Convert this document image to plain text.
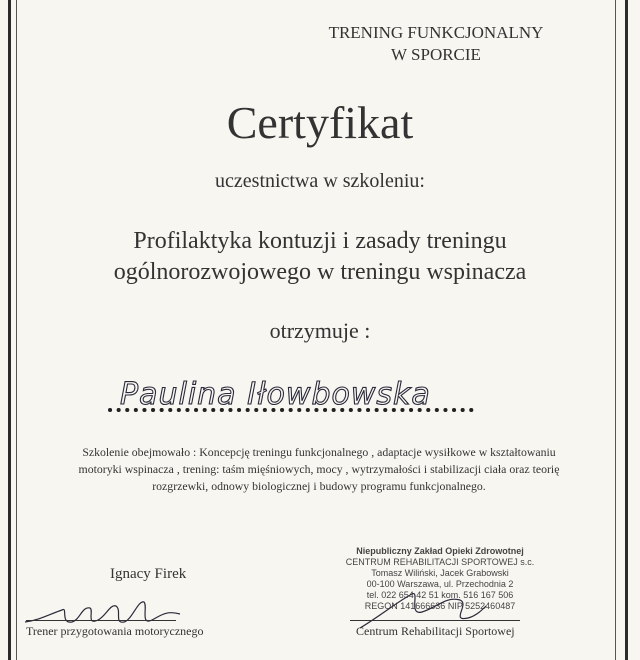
TRENING FUNKCJONALNY
W SPORCIE
Certyfikat
uczestnictwa w szkoleniu:
Profilaktyka kontuzji i zasady treningu
ogólnorozwojowego w treningu wspinacza
otrzymuje :
Paulina Iłowbowska
Szkolenie obejmowało : Koncepcję treningu funkcjonalnego , adaptacje wysiłkowe w kształtowaniu
motoryki wspinacza , trening: taśm mięśniowych, mocy , wytrzymałości i stabilizacji ciała oraz teorię
rozgrzewki, odnowy biologicznej i budowy programu funkcjonalnego.
Niepubliczny Zakład Opieki Zdrowotnej
CENTRUM REHABILITACJI SPORTOWEJ s.c.
Tomasz Wiliński, Jacek Grabowski
00-100 Warszawa, ul. Przechodnia 2
tel. 022 654 42 51 kom. 516 167 506
REGON 141666636 NIP 5252460487
Ignacy Firek
Trener przygotowania motorycznego	Centrum Rehabilitacji Sportowej
